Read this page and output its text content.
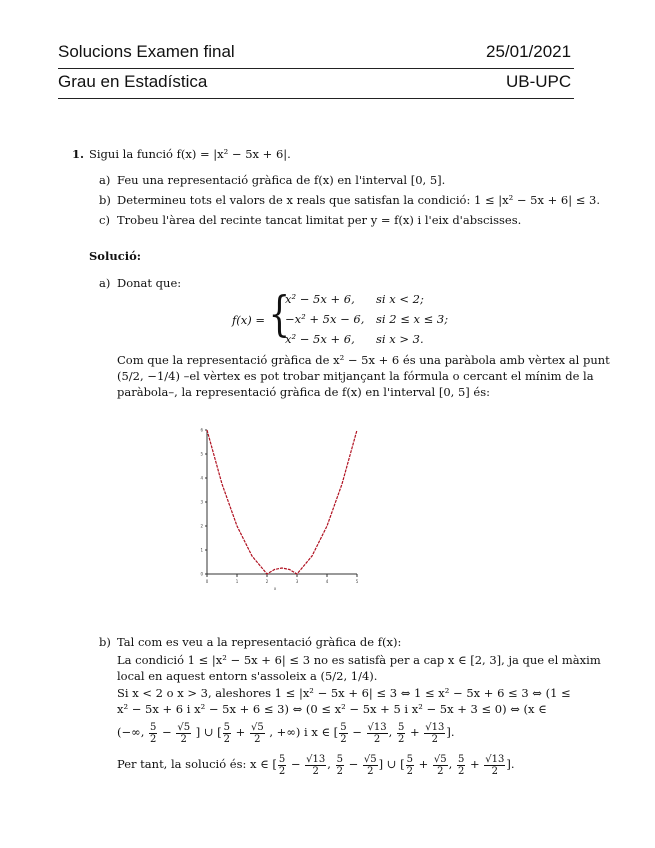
Solucions Examen final	25/01/2021
Grau en Estadística	UB-UPC
1. Sigui la funció f(x) = |x² − 5x + 6|.
a) Feu una representació gràfica de f(x) en l'interval [0, 5].
b) Determineu tots el valors de x reals que satisfan la condició: 1 ≤ |x² − 5x + 6| ≤ 3.
c) Trobeu l'àrea del recinte tancat limitat per y = f(x) i l'eix d'abscisses.
Solució:
a) Donat que:
f(x) = {
x² − 5x + 6, si x < 2;
−x² + 5x − 6, si 2 ≤ x ≤ 3;
x² − 5x + 6, si x > 3.
Com que la representació gràfica de x² − 5x + 6 és una paràbola amb vèrtex al punt
(5/2, −1/4) –el vèrtex es pot trobar mitjançant la fórmula o cercant el mínim de la
paràbola–, la representació gràfica de f(x) en l'interval [0, 5] és:
0	1	2	3	4	5
0
1
2
3
4
5
6
x
b) Tal com es veu a la representació gràfica de f(x):
La condició 1 ≤ |x² − 5x + 6| ≤ 3 no es satisfà per a cap x ∈ [2, 3], ja que el màxim
local en aquest entorn s'assoleix a (5/2, 1/4).
Si x < 2 o x > 3, aleshores 1 ≤ |x² − 5x + 6| ≤ 3 ⇔ 1 ≤ x² − 5x + 6 ≤ 3 ⇔ (1 ≤
x² − 5x + 6 i x² − 5x + 6 ≤ 3) ⇔ (0 ≤ x² − 5x + 5 i x² − 5x + 3 ≤ 0) ⇔ (x ∈
(−∞, $\frac{5}{2} - \frac{√5}{2}$ ] ∪ [ $\frac{5}{2} + \frac{√5}{2}$ , +∞) i x ∈ [ $\frac{5}{2} - \frac{√13}{2}$ , $\frac{5}{2} + \frac{√13}{2}$ ].
Per tant, la solució és: x ∈ [ $\frac{5}{2} - \frac{√13}{2}$ , $\frac{5}{2} - \frac{√5}{2}$ ] ∪ [ $\frac{5}{2} + \frac{√5}{2}$ , $\frac{5}{2} + \frac{√13}{2}$ ].
